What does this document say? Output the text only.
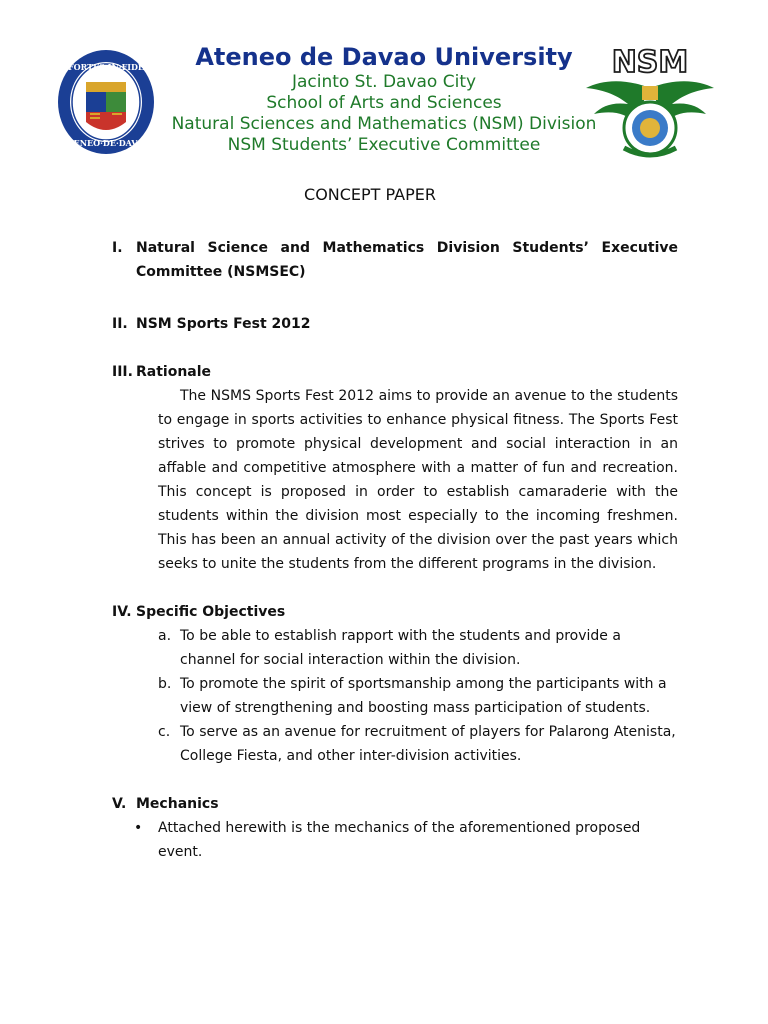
FORTES·IN·FIDE
ATENEO·DE·DAVAO
Ateneo de Davao University
Jacinto St. Davao City
School of Arts and Sciences
Natural Sciences and Mathematics (NSM) Division
NSM Students’ Executive Committee
NSM
CONCEPT PAPER
I. Natural Science and Mathematics Division Students’ Executive
Committee (NSMSEC)
II. NSM Sports Fest 2012
III. Rationale
The NSMS Sports Fest 2012 aims to provide an avenue to the students to engage in sports activities to enhance physical fitness. The Sports Fest strives to promote physical development and social interaction in an affable and competitive atmosphere with a matter of fun and recreation. This concept is proposed in order to establish camaraderie with the students within the division most especially to the incoming freshmen. This has been an annual activity of the division over the past years which seeks to unite the students from the different programs in the division.
IV. Specific Objectives
a. To be able to establish rapport with the students and provide a channel for social interaction within the division.
b. To promote the spirit of sportsmanship among the participants with a view of strengthening and boosting mass participation of students.
c. To serve as an avenue for recruitment of players for Palarong Atenista, College Fiesta, and other inter-division activities.
V. Mechanics
• Attached herewith is the mechanics of the aforementioned proposed event.
